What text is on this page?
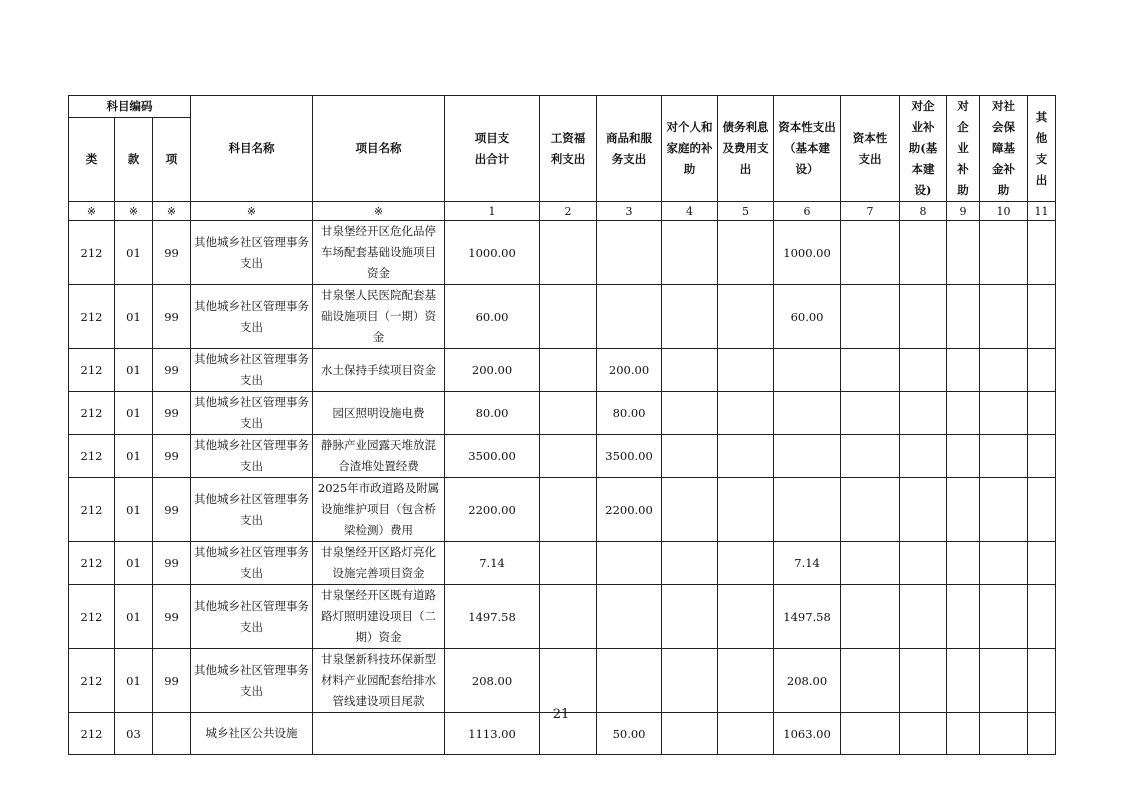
科目编码			科目名称	项目名称	项目支出合计	工资福利支出	商品和服务支出	对个人和家庭的补助	债务利息及费用支出	资本性支出（基本建设）	资本性支出	对企业补助(基本建设)	对企业补助	对社会保障基金补助	其他支出
类	款	项													
※	※	※	※	※	1	2	3	4	5	6	7	8	9	10	11
212	01	99	其他城乡社区管理事务支出	甘泉堡经开区危化品停车场配套基础设施项目资金	1000.00					1000.00					
212	01	99	其他城乡社区管理事务支出	甘泉堡人民医院配套基础设施项目（一期）资金	60.00					60.00					
212	01	99	其他城乡社区管理事务支出	水土保持手续项目资金	200.00		200.00								
212	01	99	其他城乡社区管理事务支出	园区照明设施电费	80.00		80.00								
212	01	99	其他城乡社区管理事务支出	静脉产业园露天堆放混合渣堆处置经费	3500.00		3500.00								
212	01	99	其他城乡社区管理事务支出	2025年市政道路及附属设施维护项目（包含桥梁检测）费用	2200.00		2200.00								
212	01	99	其他城乡社区管理事务支出	甘泉堡经开区路灯亮化设施完善项目资金	7.14					7.14					
212	01	99	其他城乡社区管理事务支出	甘泉堡经开区既有道路路灯照明建设项目（二期）资金	1497.58					1497.58					
212	01	99	其他城乡社区管理事务支出	甘泉堡新科技环保新型材料产业园配套给排水管线建设项目尾款	208.00					208.00					
212	03		城乡社区公共设施		1113.00		50.00			1063.00					
21
